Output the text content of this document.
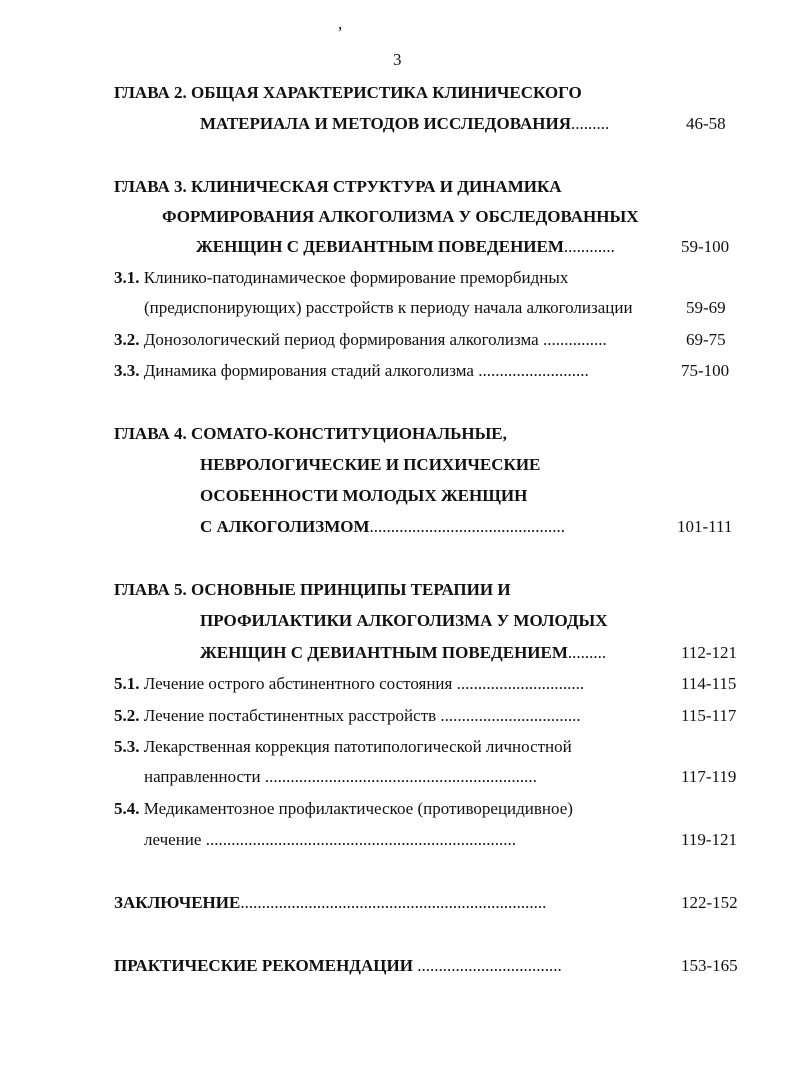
,
3
ГЛАВА 2. ОБЩАЯ ХАРАКТЕРИСТИКА КЛИНИЧЕСКОГО
МАТЕРИАЛА И МЕТОДОВ ИССЛЕДОВАНИЯ.........	46-58
ГЛАВА 3. КЛИНИЧЕСКАЯ СТРУКТУРА И ДИНАМИКА
ФОРМИРОВАНИЯ АЛКОГОЛИЗМА У ОБСЛЕДОВАННЫХ
ЖЕНЩИН С ДЕВИАНТНЫМ ПОВЕДЕНИЕМ............	59-100
3.1. Клинико-патодинамическое формирование преморбидных
(предиспонирующих) расстройств к периоду начала алкоголизации	59-69
3.2. Донозологический период формирования алкоголизма ...............	69-75
3.3. Динамика формирования стадий алкоголизма ..........................	75-100
ГЛАВА 4. СОМАТО-КОНСТИТУЦИОНАЛЬНЫЕ,
НЕВРОЛОГИЧЕСКИЕ И ПСИХИЧЕСКИЕ
ОСОБЕННОСТИ МОЛОДЫХ ЖЕНЩИН
С АЛКОГОЛИЗМОМ..............................................	101-111
ГЛАВА 5. ОСНОВНЫЕ ПРИНЦИПЫ ТЕРАПИИ И
ПРОФИЛАКТИКИ АЛКОГОЛИЗМА У МОЛОДЫХ
ЖЕНЩИН С ДЕВИАНТНЫМ ПОВЕДЕНИЕМ.........	112-121
5.1. Лечение острого абстинентного состояния ..............................	114-115
5.2. Лечение постабстинентных расстройств .................................	115-117
5.3. Лекарственная коррекция патотипологической личностной
направленности ................................................................	117-119
5.4. Медикаментозное профилактическое (противорецидивное)
лечение .........................................................................	119-121
ЗАКЛЮЧЕНИЕ........................................................................	122-152
ПРАКТИЧЕСКИЕ РЕКОМЕНДАЦИИ ..................................	153-165
